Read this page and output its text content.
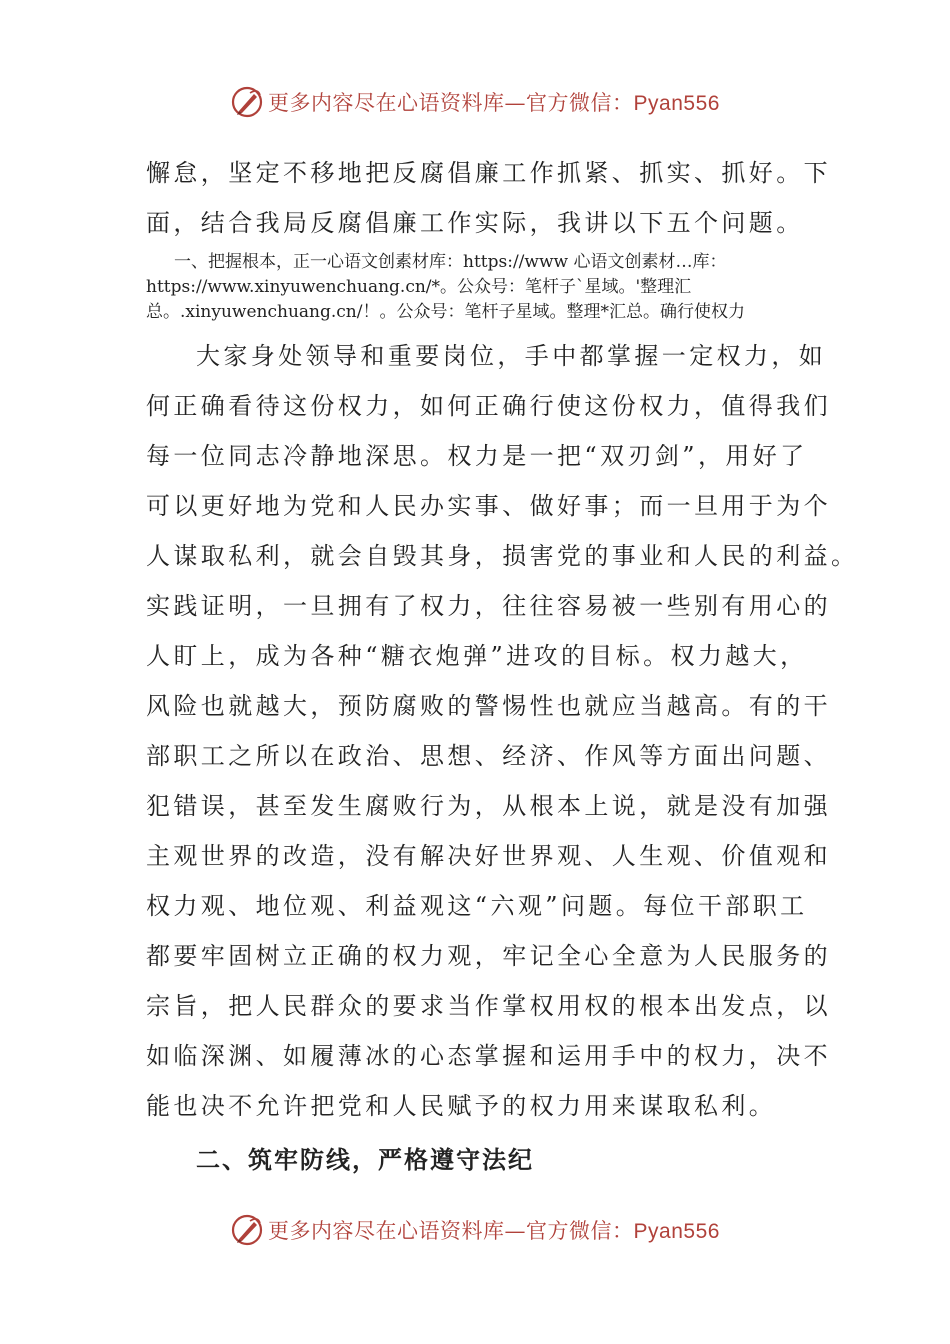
更多内容尽在心语资料库—官方微信：Pyan556
懈怠，坚定不移地把反腐倡廉工作抓紧、抓实、抓好。下
面，结合我局反腐倡廉工作实际，我讲以下五个问题。
一、把握根本，正一心语文创素材库：https://www 心语文创素材…库：
https://www.xinyuwenchuang.cn/*。公众号：笔杆子`星域。'整理汇
总。.xinyuwenchuang.cn/！。公众号：笔杆子星域。整理*汇总。确行使权力
大家身处领导和重要岗位，手中都掌握一定权力，如
何正确看待这份权力，如何正确行使这份权力，值得我们
每一位同志冷静地深思。权力是一把“双刃剑”，用好了
可以更好地为党和人民办实事、做好事；而一旦用于为个
人谋取私利，就会自毁其身，损害党的事业和人民的利益。
实践证明，一旦拥有了权力，往往容易被一些别有用心的
人盯上，成为各种“糖衣炮弹”进攻的目标。权力越大，
风险也就越大，预防腐败的警惕性也就应当越高。有的干
部职工之所以在政治、思想、经济、作风等方面出问题、
犯错误，甚至发生腐败行为，从根本上说，就是没有加强
主观世界的改造，没有解决好世界观、人生观、价值观和
权力观、地位观、利益观这“六观”问题。每位干部职工
都要牢固树立正确的权力观，牢记全心全意为人民服务的
宗旨，把人民群众的要求当作掌权用权的根本出发点，以
如临深渊、如履薄冰的心态掌握和运用手中的权力，决不
能也决不允许把党和人民赋予的权力用来谋取私利。
二、筑牢防线，严格遵守法纪
更多内容尽在心语资料库—官方微信：Pyan556
